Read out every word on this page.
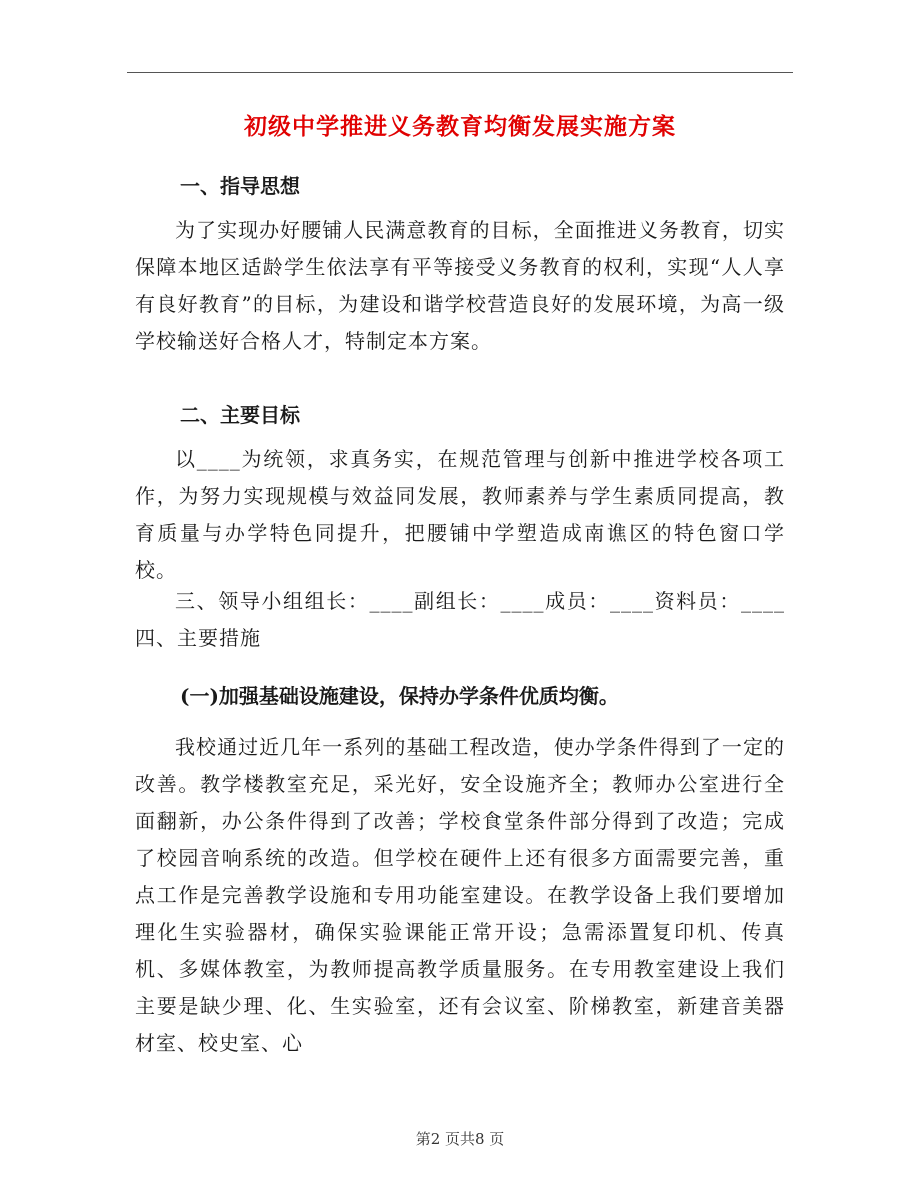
初级中学推进义务教育均衡发展实施方案
一、指导思想

为了实现办好腰铺人民满意教育的目标，全面推进义务教育，切实保障本地区适龄学生依法享有平等接受义务教育的权利，实现“人人享有良好教育”的目标，为建设和谐学校营造良好的发展环境，为高一级学校输送好合格人才，特制定本方案。

二、主要目标

以____为统领，求真务实，在规范管理与创新中推进学校各项工作，为努力实现规模与效益同发展，教师素养与学生素质同提高，教育质量与办学特色同提升，把腰铺中学塑造成南谯区的特色窗口学校。

三、领导小组组长：____副组长：____成员：____资料员：____四、主要措施

(一)加强基础设施建设，保持办学条件优质均衡。

我校通过近几年一系列的基础工程改造，使办学条件得到了一定的改善。教学楼教室充足，采光好，安全设施齐全；教师办公室进行全面翻新，办公条件得到了改善；学校食堂条件部分得到了改造；完成了校园音响系统的改造。但学校在硬件上还有很多方面需要完善，重点工作是完善教学设施和专用功能室建设。在教学设备上我们要增加理化生实验器材，确保实验课能正常开设；急需添置复印机、传真机、多媒体教室，为教师提高教学质量服务。在专用教室建设上我们主要是缺少理、化、生实验室，还有会议室、阶梯教室，新建音美器材室、校史室、心

第2 页共8 页
